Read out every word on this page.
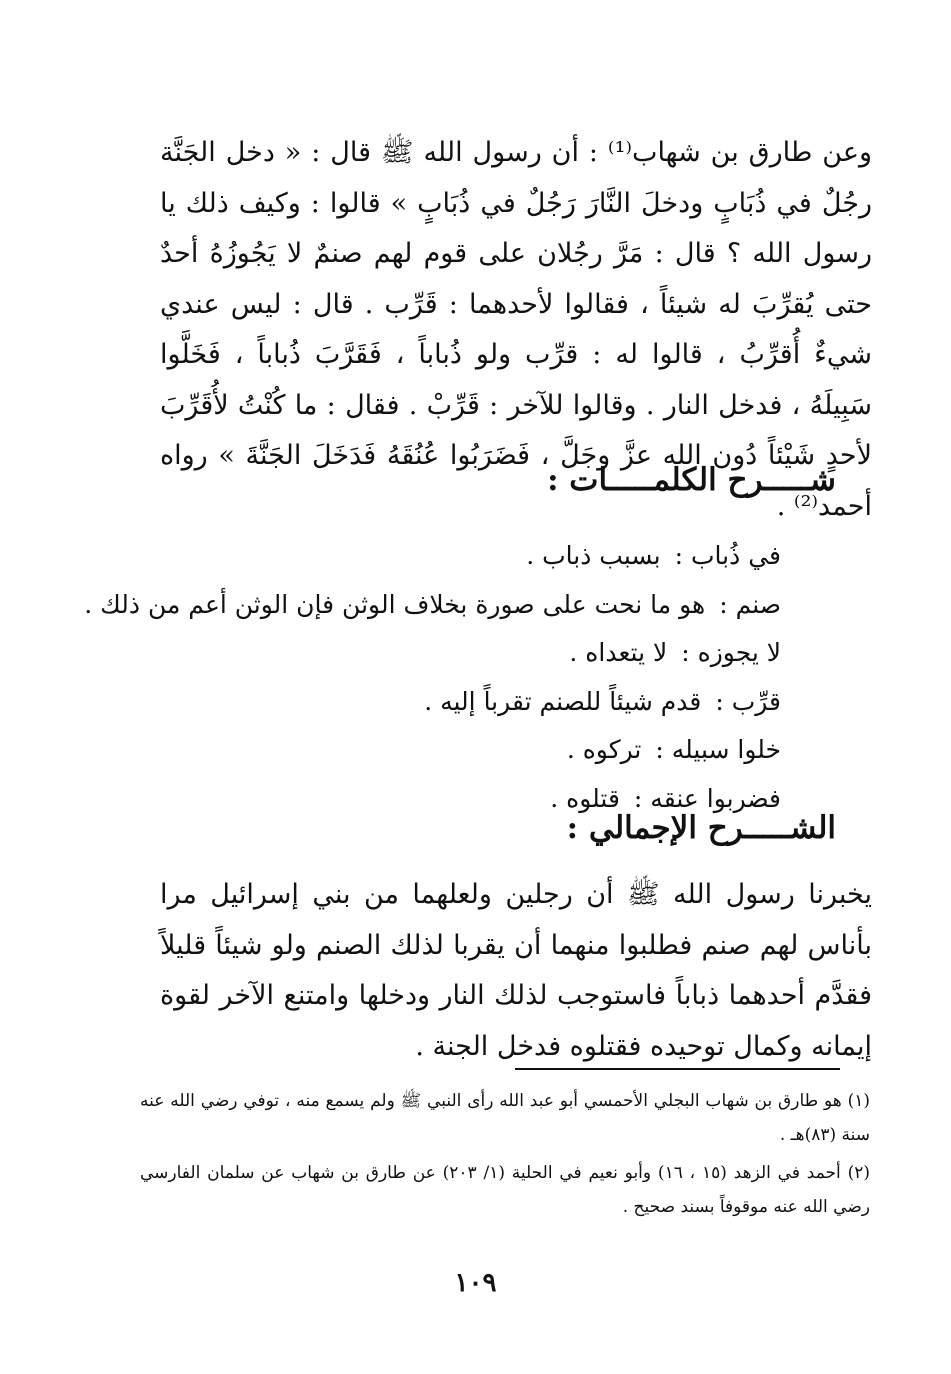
وعن طارق بن شهاب⁽¹⁾ : أن رسول الله ﷺ قال : « دخل الجَنَّة رجُلٌ في ذُبَابٍ ودخلَ النَّارَ رَجُلٌ في ذُبَابٍ » قالوا : وكيف ذلك يا رسول الله ؟ قال : مَرَّ رجُلان على قوم لهم صنمٌ لا يَجُوزُهُ أحدٌ حتى يُقرِّبَ له شيئاً ، فقالوا لأحدهما : قَرِّب . قال : ليس عندي شيءٌ أُقرِّبُ ، قالوا له : قرِّب ولو ذُباباً ، فَقَرَّبَ ذُباباً ، فَخَلَّوا سَبِيلَهُ ، فدخل النار . وقالوا للآخر : قَرِّبْ . فقال : ما كُنْتُ لأُقَرِّبَ لأحدٍ شَيْئاً دُون الله عزَّ وجَلَّ ، فَضَرَبُوا عُنُقَهُ فَدَخَلَ الجَنَّةَ » رواه أحمد⁽²⁾ .

شـــــرح الكلمـــــات :
في ذُباب :بسبب ذباب .
صنم :هو ما نحت على صورة بخلاف الوثن فإن الوثن أعم من ذلك .
لا يجوزه :لا يتعداه .
قرِّب :قدم شيئاً للصنم تقرباً إليه .
خلوا سبيله :تركوه .
فضربوا عنقه :قتلوه .
الشـــــرح الإجمالي :

يخبرنا رسول الله ﷺ أن رجلين ولعلهما من بني إسرائيل مرا بأناس لهم صنم فطلبوا منهما أن يقربا لذلك الصنم ولو شيئاً قليلاً فقدَّم أحدهما ذباباً فاستوجب لذلك النار ودخلها وامتنع الآخر لقوة إيمانه وكمال توحيده فقتلوه فدخل الجنة .

(١) هو طارق بن شهاب البجلي الأحمسي أبو عبد الله رأى النبي ﷺ ولم يسمع منه ، توفي رضي الله عنه سنة (٨٣)هـ .

(٢) أحمد في الزهد (١٥ ، ١٦) وأبو نعيم في الحلية (١/ ٢٠٣) عن طارق بن شهاب عن سلمان الفارسي رضي الله عنه موقوفاً بسند صحيح .

١٠٩
